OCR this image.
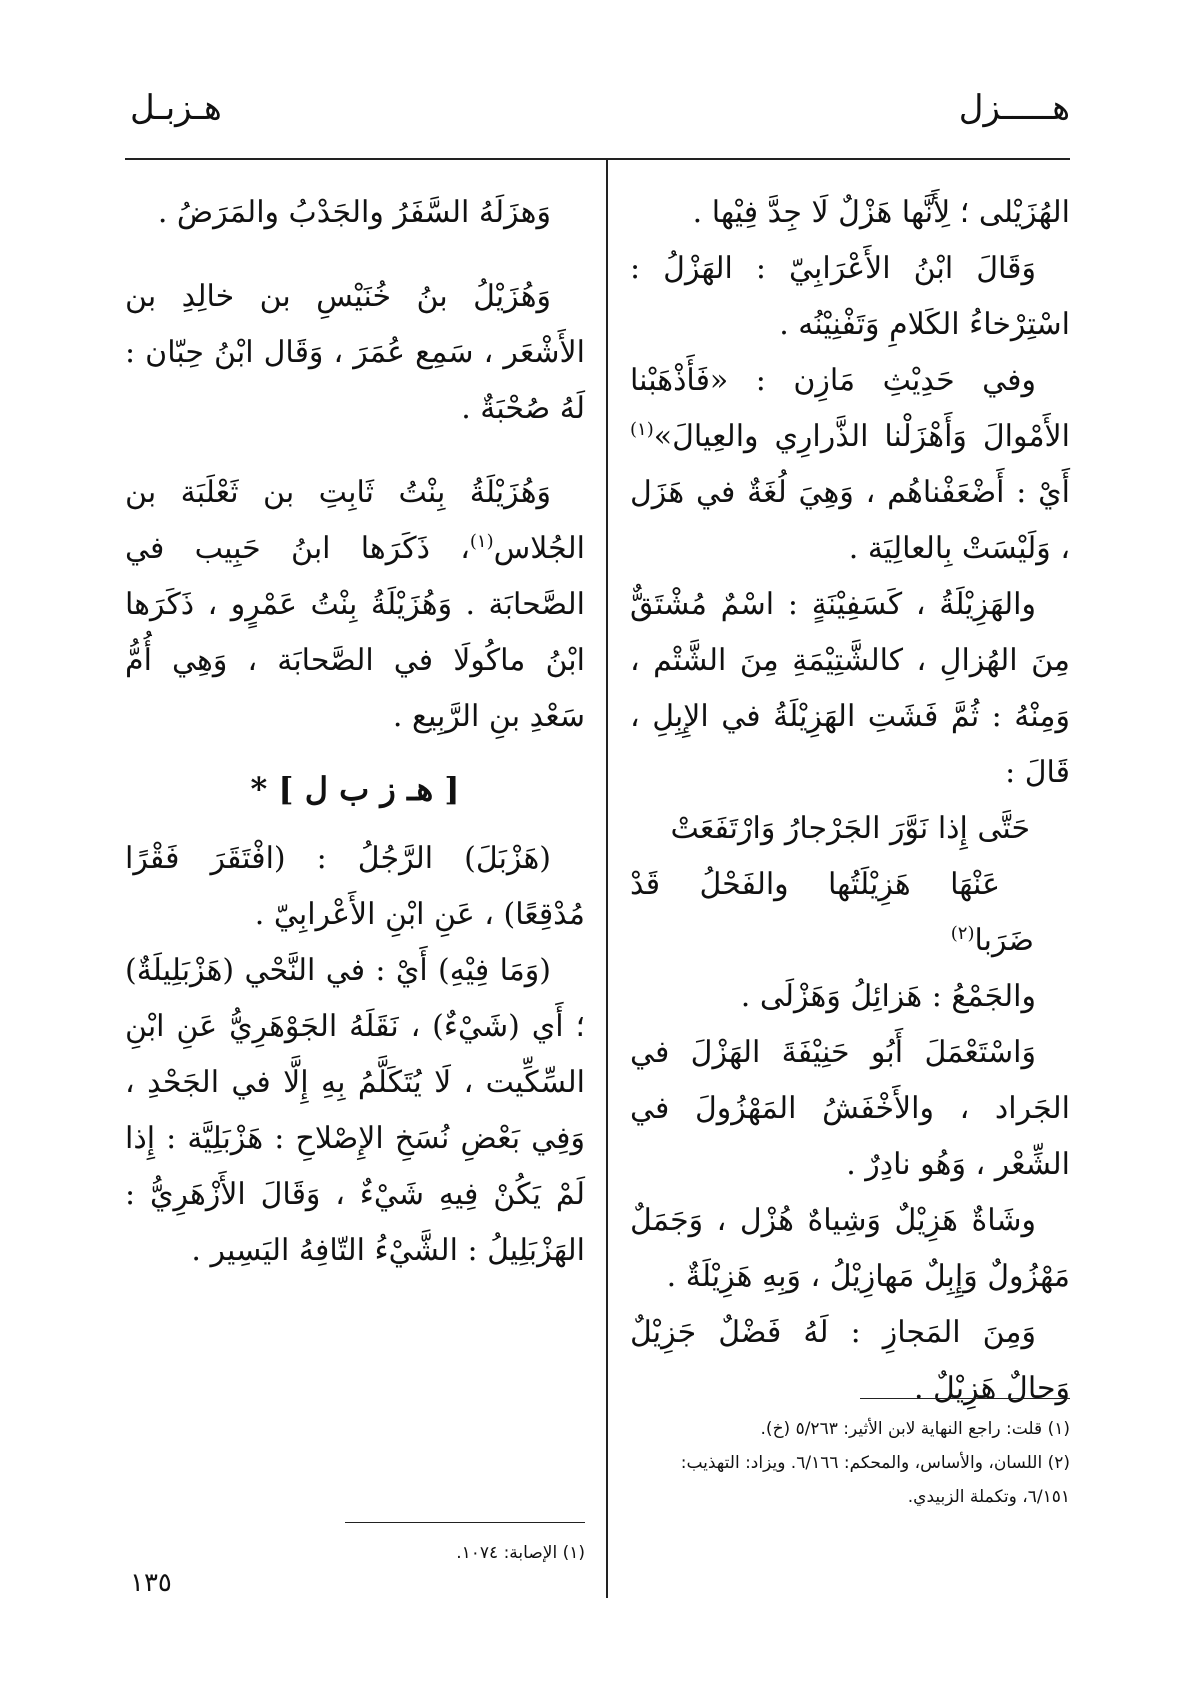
هـــــزل
هـزبـل

الهُزَيْلى ؛ لِأَنَّها هَزْلٌ لَا جِدَّ فِيْها .

وَقَالَ ابْنُ الأَعْرَابِيّ : الهَزْلُ : اسْتِرْخاءُ الكَلامِ وَتَفْنِيْنُه .

وفي حَدِيْثِ مَازِن : «فَأَذْهَبْنا الأَمْوالَ وَأَهْزَلْنا الذَّرارِي والعِيالَ»$^{(١)}$ أَيْ : أَضْعَفْناهُم ، وَهِيَ لُغَةٌ في هَزَل ، وَلَيْسَتْ بِالعالِيَة .

والهَزِيْلَةُ ، كَسَفِيْنَةٍ : اسْمٌ مُشْتَقٌّ مِنَ الهُزالِ ، كالشَّتِيْمَةِ مِنَ الشَّتْم ، وَمِنْهُ : ثُمَّ فَشَتِ الهَزِيْلَةُ في الإِبِلِ ، قَالَ :

حَتَّى إِذا نَوَّرَ الجَرْجارُ وَارْتَفَعَتْ

عَنْهَا هَزِيْلَتُها والفَحْلُ قَدْ ضَرَبا$^{(٢)}$

والجَمْعُ : هَزائِلُ وَهَزْلَى .

وَاسْتَعْمَلَ أَبُو حَنِيْفَةَ الهَزْلَ في الجَراد ، والأَخْفَشُ المَهْزُولَ في الشِّعْر ، وَهُو نادِرٌ .

وشَاةٌ هَزِيْلٌ وَشِياهٌ هُزْل ، وَجَمَلٌ مَهْزُولٌ وَإِبِلٌ مَهازِيْلُ ، وَبِهِ هَزِيْلَةٌ .

وَمِنَ المَجازِ : لَهُ فَضْلٌ جَزِيْلٌ وَحالٌ هَزِيْلٌ .

(١) قلت: راجع النهاية لابن الأثير: ٥/٢٦٣ (خ).
(٢) اللسان، والأساس، والمحكم: ٦/١٦٦. ويزاد: التهذيب: ٦/١٥١، وتكملة الزبيدي.

وَهزَلَهُ السَّفَرُ والجَدْبُ والمَرَضُ .

وَهُزَيْلُ بنُ خُنَيْسِ بن خالِدِ بن الأَشْعَر ، سَمِع عُمَرَ ، وَقَال ابْنُ حِبّان : لَهُ صُحْبَةٌ .

وَهُزَيْلَةُ بِنْتُ ثَابِتِ بن ثَعْلَبَة بن الجُلاس$^{(١)}$، ذَكَرَها ابنُ حَبِيب في الصَّحابَة . وَهُزَيْلَةُ بِنْتُ عَمْرٍو ، ذَكَرَها ابْنُ ماكُولَا في الصَّحابَة ، وَهِي أُمُّ سَعْدِ بنِ الرَّبِيع .

[ هـ ز ب ل ] *

(هَزْبَلَ) الرَّجُلُ : (افْتَقَرَ فَقْرًا مُدْقِعًا) ، عَنِ ابْنِ الأَعْرابِيّ .

(وَمَا فِيْهِ) أَيْ : في النَّحْي (هَزْبَلِيلَةٌ) ؛ أَي (شَيْءٌ) ، نَقَلَهُ الجَوْهَرِيُّ عَنِ ابْنِ السِّكِّيت ، لَا يُتَكَلَّمُ بِهِ إِلَّا في الجَحْدِ ، وَفِي بَعْضِ نُسَخِ الإِصْلاحِ : هَزْبَلِيَّة : إِذا لَمْ يَكُنْ فِيهِ شَيْءٌ ، وَقَالَ الأَزْهَرِيُّ : الهَزْبَلِيلُ : الشَّيْءُ التّافِهُ اليَسِير .

(١) الإصابة: ١٠٧٤.
١٣٥
